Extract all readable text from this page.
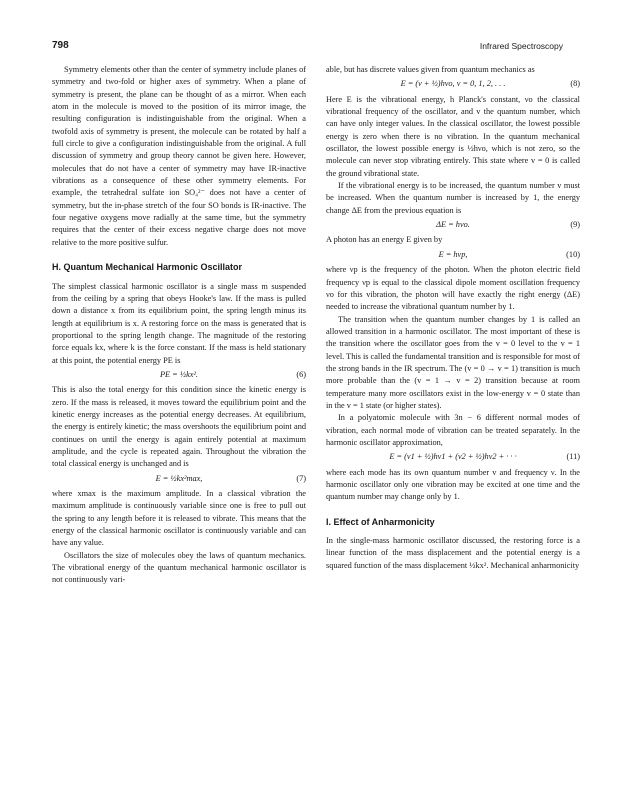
798	Infrared Spectroscopy

Symmetry elements other than the center of symmetry include planes of symmetry and two-fold or higher axes of symmetry. When a plane of symmetry is present, the plane can be thought of as a mirror. When each atom in the molecule is moved to the position of its mirror image, the resulting configuration is indistinguishable from the original. When a twofold axis of symmetry is present, the molecule can be rotated by half a full circle to give a configuration indistinguishable from the original. A full discussion of symmetry and group theory cannot be given here. However, molecules that do not have a center of symmetry may have IR-inactive vibrations as a consequence of these other symmetry elements. For example, the tetrahedral sulfate ion SO₄²⁻ does not have a center of symmetry, but the in-phase stretch of the four SO bonds is IR-inactive. The four negative oxygens move radially at the same time, but the symmetry requires that the center of their excess negative charge does not move relative to the more positive sulfur.

H. Quantum Mechanical Harmonic Oscillator

The simplest classical harmonic oscillator is a single mass m suspended from the ceiling by a spring that obeys Hooke's law. If the mass is pulled down a distance x from its equilibrium point, the spring length minus its length at equilibrium is x. A restoring force on the mass is generated that is proportional to the spring length change. The magnitude of the restoring force equals kx, where k is the force constant. If the mass is held stationary at this point, the potential energy PE is

PE = ½kx².	(6)

This is also the total energy for this condition since the kinetic energy is zero. If the mass is released, it moves toward the equilibrium point and the kinetic energy increases as the potential energy decreases. At equilibrium, the energy is entirely kinetic; the mass overshoots the equilibrium point and continues on until the energy is again entirely potential at maximum amplitude, and the cycle is repeated again. Throughout the vibration the total classical energy is unchanged and is

E = ½kx²max,	(7)

where xmax is the maximum amplitude. In a classical vibration the maximum amplitude is continuously variable since one is free to pull out the spring to any length before it is released to vibrate. This means that the energy of the classical harmonic oscillator is continuously variable and can have any value.

Oscillators the size of molecules obey the laws of quantum mechanics. The vibrational energy of the quantum mechanical harmonic oscillator is not continuously vari-

able, but has discrete values given from quantum mechanics as

E = (v + ½)hνo, v = 0, 1, 2, . . .	(8)

Here E is the vibrational energy, h Planck's constant, νo the classical vibrational frequency of the oscillator, and v the quantum number, which can have only integer values. In the classical oscillator, the lowest possible energy is zero when there is no vibration. In the quantum mechanical oscillator, the lowest possible energy is ½hνo, which is not zero, so the molecule can never stop vibrating entirely. This state where v = 0 is called the ground vibrational state.

If the vibrational energy is to be increased, the quantum number v must be increased. When the quantum number is increased by 1, the energy change ΔE from the previous equation is

ΔE = hνo.	(9)

A photon has an energy E given by

E = hνp,	(10)

where νp is the frequency of the photon. When the photon electric field frequency νp is equal to the classical dipole moment oscillation frequency νo for this vibration, the photon will have exactly the right energy (ΔE) needed to increase the vibrational quantum number by 1.

The transition when the quantum number changes by 1 is called an allowed transition in a harmonic oscillator. The most important of these is the transition where the oscillator goes from the v = 0 level to the v = 1 level. This is called the fundamental transition and is responsible for most of the strong bands in the IR spectrum. The (v = 0 → v = 1) transition is much more probable than the (v = 1 → v = 2) transition because at room temperature many more oscillators exist in the low-energy v = 0 state than in the v = 1 state (or higher states).

In a polyatomic molecule with 3n − 6 different normal modes of vibration, each normal mode of vibration can be treated separately. In the harmonic oscillator approximation,

E = (v1 + ½)hν1 + (v2 + ½)hν2 + · · ·	(11)

where each mode has its own quantum number v and frequency ν. In the harmonic oscillator only one vibration may be excited at one time and the quantum number may change only by 1.

I. Effect of Anharmonicity

In the single-mass harmonic oscillator discussed, the restoring force is a linear function of the mass displacement and the potential energy is a squared function of the mass displacement ½kx². Mechanical anharmonicity
